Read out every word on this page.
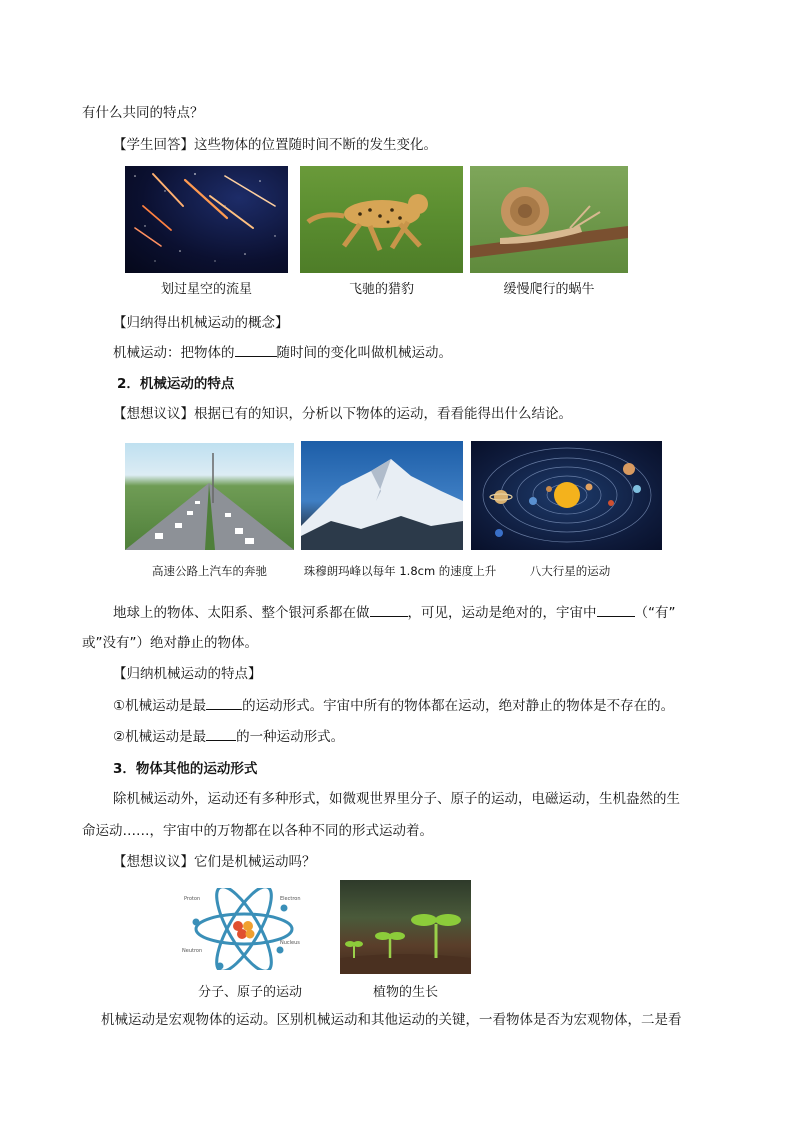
有什么共同的特点？
【学生回答】这些物体的位置随时间不断的发生变化。
划过星空的流星	飞驰的猎豹	缓慢爬行的蜗牛
【归纳得出机械运动的概念】
机械运动：把物体的	随时间的变化叫做机械运动。
2．机械运动的特点
【想想议议】根据已有的知识，分析以下物体的运动，看看能得出什么结论。
高速公路上汽车的奔驰	珠穆朗玛峰以每年 1.8cm 的速度上升	八大行星的运动
地球上的物体、太阳系、整个银河系都在做	，可见，运动是绝对的，宇宙中	（“有”
或”没有”）绝对静止的物体。
【归纳机械运动的特点】
①机械运动是最	的运动形式。宇宙中所有的物体都在运动，绝对静止的物体是不存在的。
②机械运动是最 的一种运动形式。
3．物体其他的运动形式
除机械运动外，运动还有多种形式，如微观世界里分子、原子的运动，电磁运动，生机盎然的生
命运动……，宇宙中的万物都在以各种不同的形式运动着。
【想想议议】它们是机械运动吗？
Proton	Electron
Neutron
Nucleus
分子、原子的运动	植物的生长
机械运动是宏观物体的运动。区别机械运动和其他运动的关键，一看物体是否为宏观物体，二是看
